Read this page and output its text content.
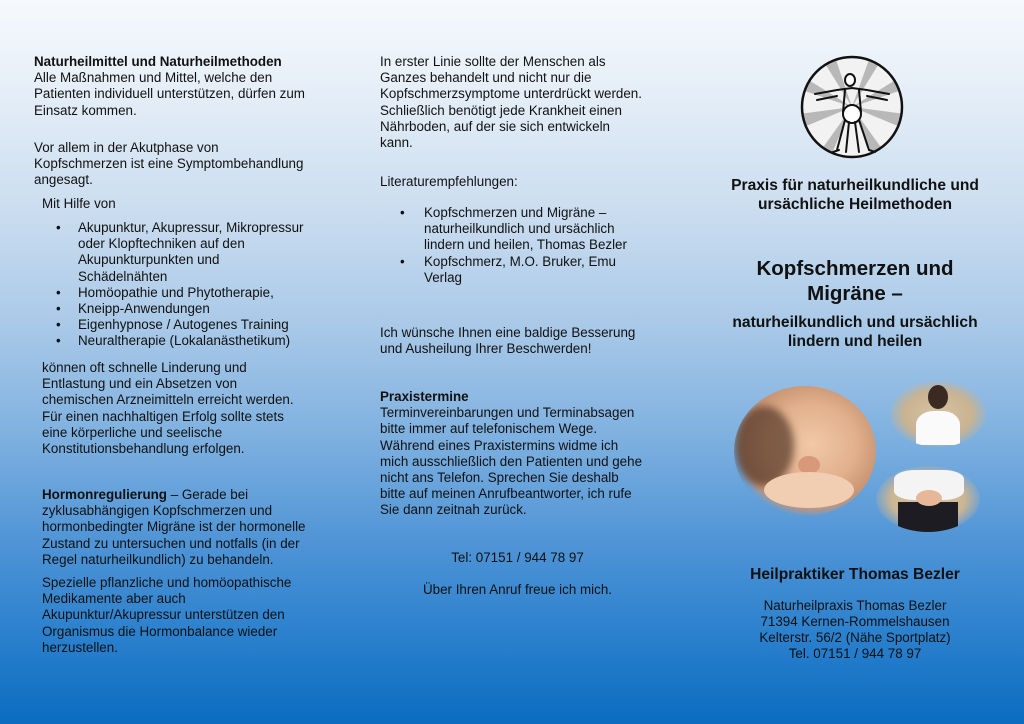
Naturheilmittel und Naturheilmethoden

Alle Maßnahmen und Mittel, welche den

Patienten individuell unterstützen, dürfen zum

Einsatz kommen.

Vor allem in der Akutphase von

Kopfschmerzen ist eine Symptombehandlung

angesagt.

Mit Hilfe von

• Akupunktur, Akupressur, Mikropressur
oder Klopftechniken auf den
Akupunkturpunkten und
Schädelnähten
• Homöopathie und Phytotherapie,
• Kneipp-Anwendungen
• Eigenhypnose / Autogenes Training
• Neuraltherapie (Lokalanästhetikum)

können oft schnelle Linderung und

Entlastung und ein Absetzen von

chemischen Arzneimitteln erreicht werden.

Für einen nachhaltigen Erfolg sollte stets

eine körperliche und seelische

Konstitutionsbehandlung erfolgen.

Hormonregulierung – Gerade bei

zyklusabhängigen Kopfschmerzen und

hormonbedingter Migräne ist der hormonelle

Zustand zu untersuchen und notfalls (in der

Regel naturheilkundlich) zu behandeln.

Spezielle pflanzliche und homöopathische

Medikamente aber auch

Akupunktur/Akupressur unterstützen den

Organismus die Hormonbalance wieder

herzustellen.

In erster Linie sollte der Menschen als

Ganzes behandelt und nicht nur die

Kopfschmerzsymptome unterdrückt werden.

Schließlich benötigt jede Krankheit einen

Nährboden, auf der sie sich entwickeln

kann.

Literaturempfehlungen:

• Kopfschmerzen und Migräne –
naturheilkundlich und ursächlich
lindern und heilen, Thomas Bezler
• Kopfschmerz, M.O. Bruker, Emu
Verlag

Ich wünsche Ihnen eine baldige Besserung

und Ausheilung Ihrer Beschwerden!

Praxistermine

Terminvereinbarungen und Terminabsagen

bitte immer auf telefonischem Wege.

Während eines Praxistermins widme ich

mich ausschließlich den Patienten und gehe

nicht ans Telefon. Sprechen Sie deshalb

bitte auf meinen Anrufbeantworter, ich rufe

Sie dann zeitnah zurück.

Tel: 07151 / 944 78 97

Über Ihren Anruf freue ich mich.

Praxis für naturheilkundliche und

ursächliche Heilmethoden

Kopfschmerzen und

Migräne –

naturheilkundlich und ursächlich

lindern und heilen

Heilpraktiker Thomas Bezler

Naturheilpraxis Thomas Bezler

71394 Kernen-Rommelshausen

Kelterstr. 56/2 (Nähe Sportplatz)

Tel. 07151 / 944 78 97
